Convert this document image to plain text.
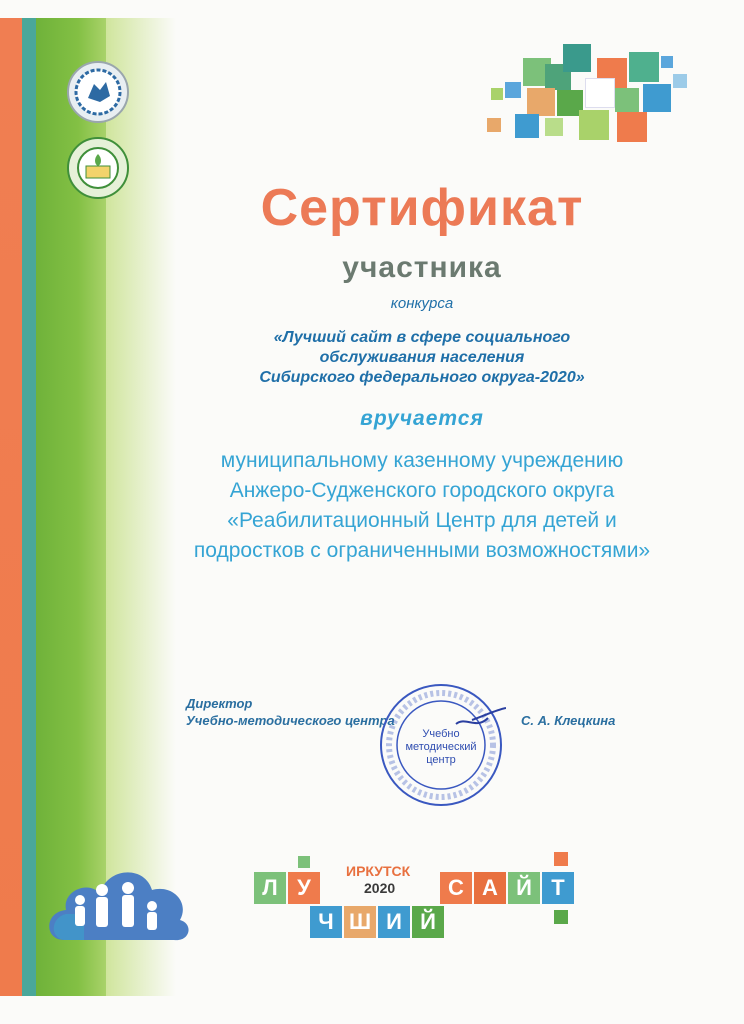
Сертификат
участника
конкурса
«Лучший сайт в сфере социального
обслуживания населения
Сибирского федерального округа-2020»
вручается
муниципальному казенному учреждению
Анжеро-Судженского городского округа
«Реабилитационный Центр для детей и
подростков с ограниченными возможностями»
Директор
Учебно-методического центра	С. А. Клецкина
Учебно
методический
центр
Л У
ИРКУТСК
2020	С А Й Т
Ч Ш И Й
